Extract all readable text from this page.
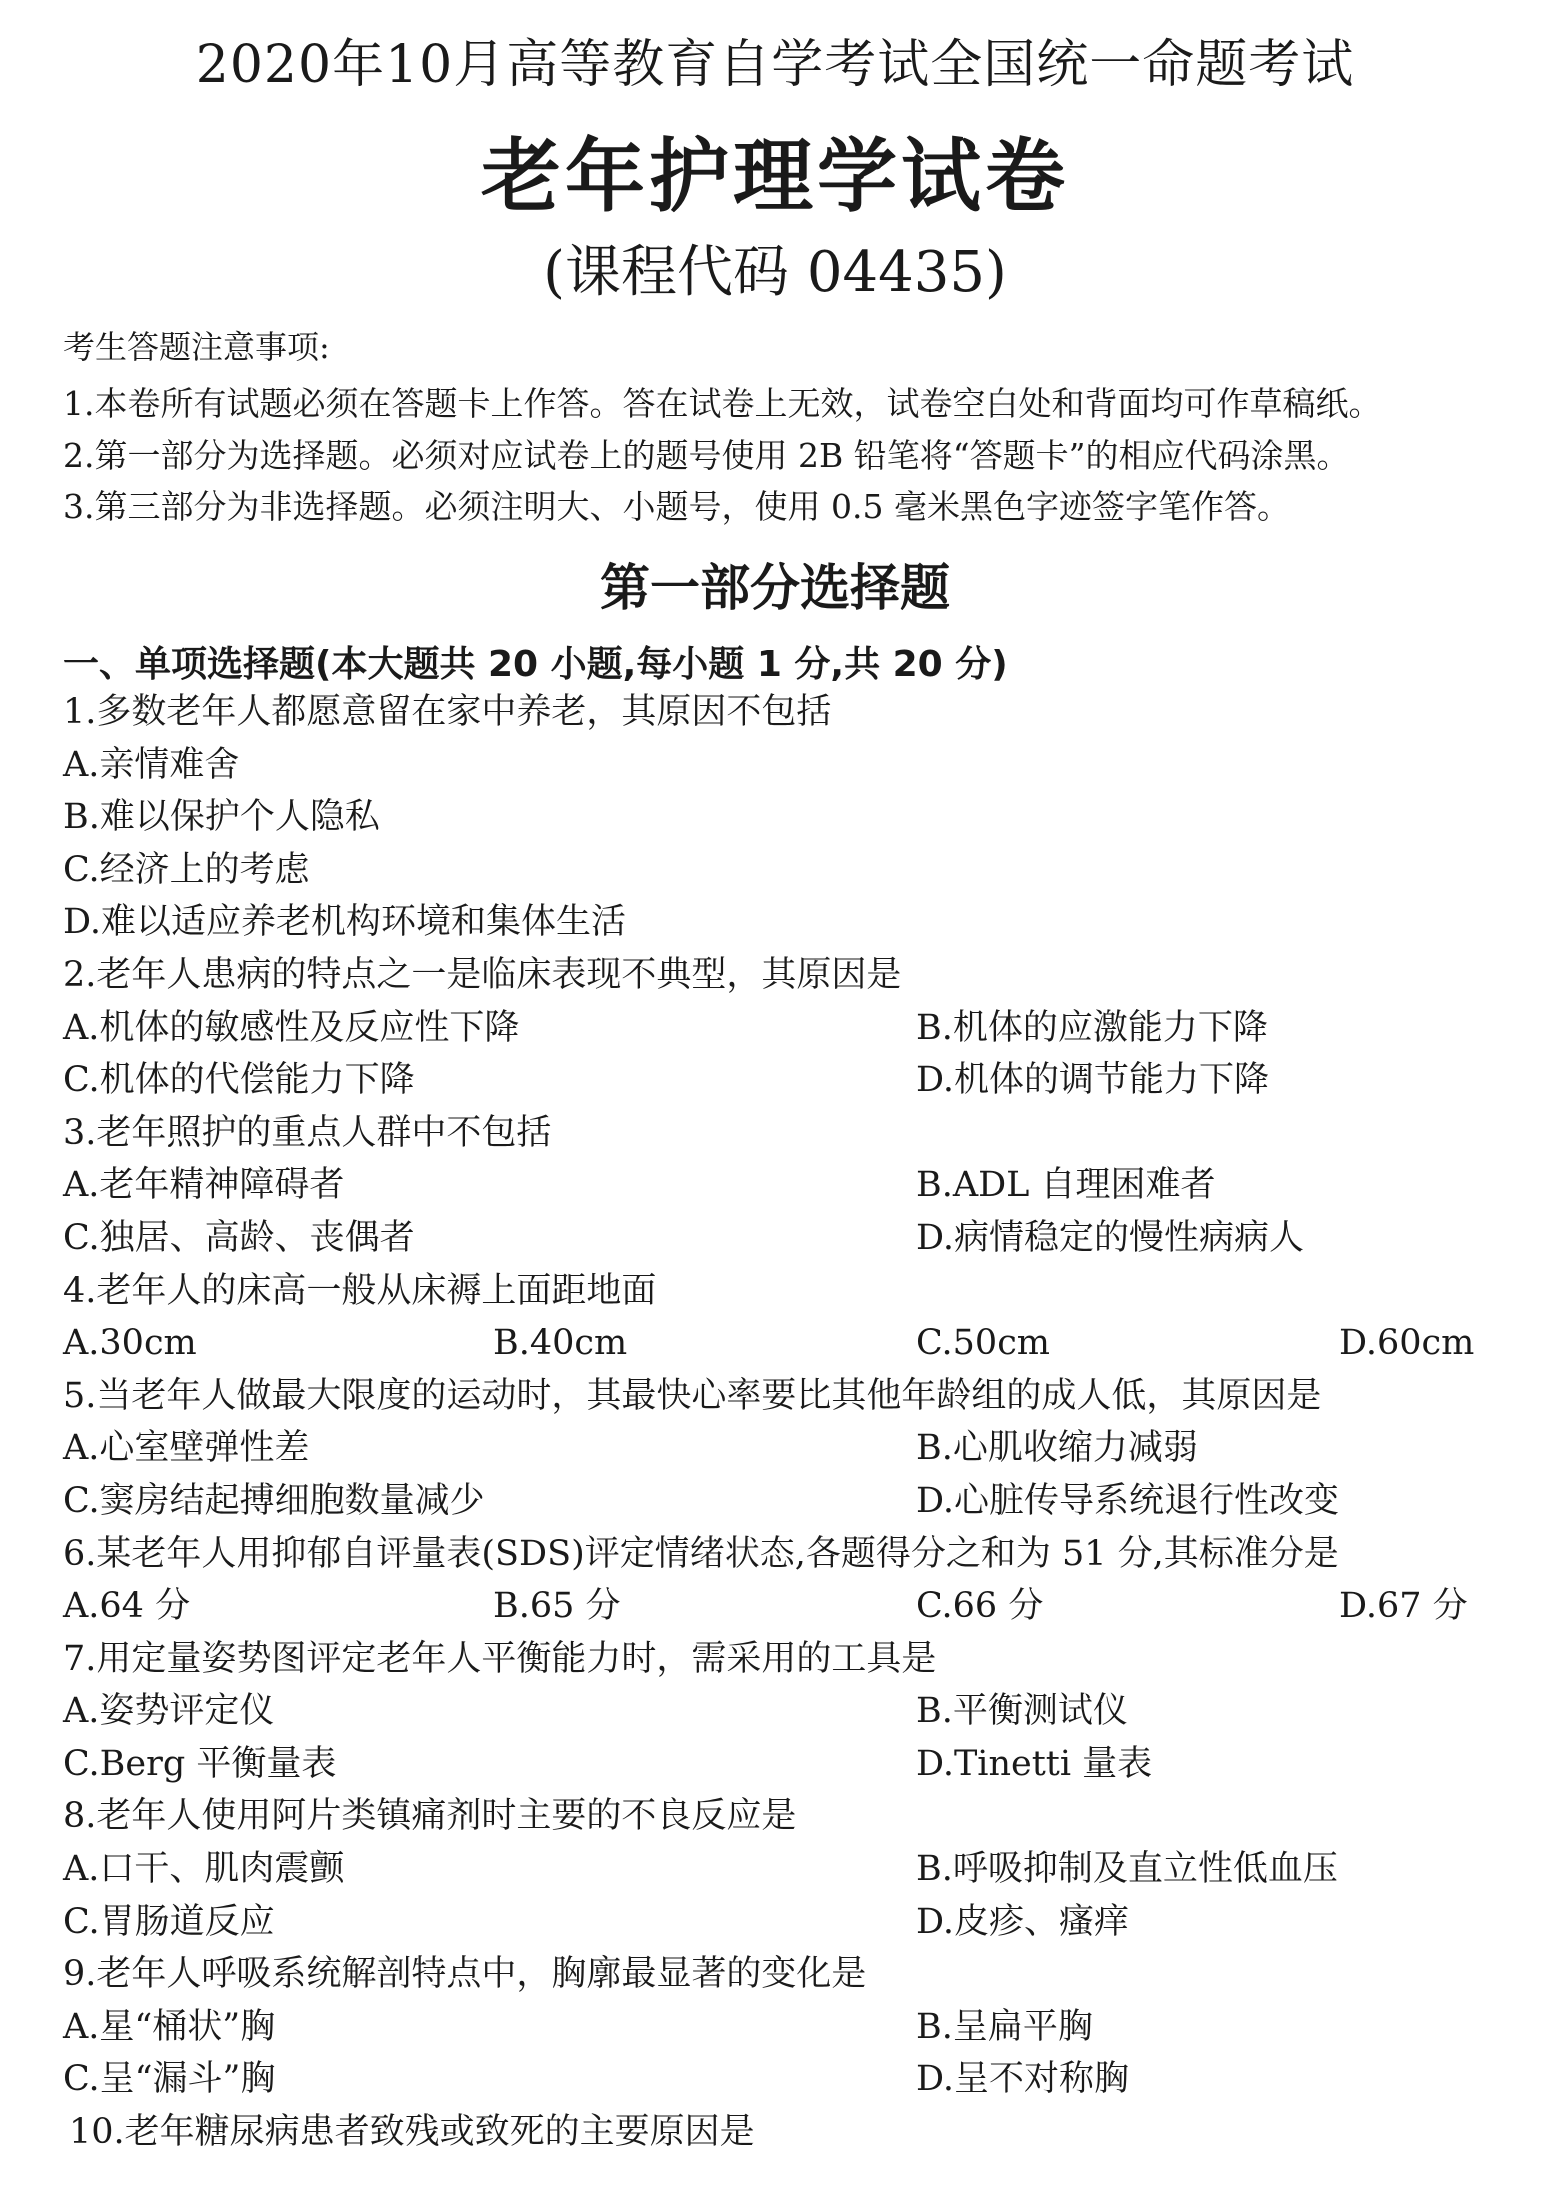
2020年10月高等教育自学考试全国统一命题考试
老年护理学试卷
(课程代码 04435)
考生答题注意事项:
1.本卷所有试题必须在答题卡上作答。答在试卷上无效，试卷空白处和背面均可作草稿纸。
2.第一部分为选择题。必须对应试卷上的题号使用 2B 铅笔将“答题卡”的相应代码涂黑。
3.第三部分为非选择题。必须注明大、小题号，使用 0.5 毫米黑色字迹签字笔作答。
第一部分选择题
一、单项选择题(本大题共 20 小题,每小题 1 分,共 20 分)
1.多数老年人都愿意留在家中养老，其原因不包括
A.亲情难舍
B.难以保护个人隐私
C.经济上的考虑
D.难以适应养老机构环境和集体生活
2.老年人患病的特点之一是临床表现不典型，其原因是
A.机体的敏感性及反应性下降	B.机体的应激能力下降
C.机体的代偿能力下降	D.机体的调节能力下降
3.老年照护的重点人群中不包括
A.老年精神障碍者	B.ADL 自理困难者
C.独居、高龄、丧偶者	D.病情稳定的慢性病病人
4.老年人的床高一般从床褥上面距地面
A.30cm	B.40cm	C.50cm	D.60cm
5.当老年人做最大限度的运动时，其最快心率要比其他年龄组的成人低，其原因是
A.心室壁弹性差	B.心肌收缩力减弱
C.窦房结起搏细胞数量减少	D.心脏传导系统退行性改变
6.某老年人用抑郁自评量表(SDS)评定情绪状态,各题得分之和为 51 分,其标准分是
A.64 分	B.65 分	C.66 分	D.67 分
7.用定量姿势图评定老年人平衡能力时，需采用的工具是
A.姿势评定仪	B.平衡测试仪
C.Berg 平衡量表	D.Tinetti 量表
8.老年人使用阿片类镇痛剂时主要的不良反应是
A.口干、肌肉震颤	B.呼吸抑制及直立性低血压
C.胃肠道反应	D.皮疹、瘙痒
9.老年人呼吸系统解剖特点中，胸廓最显著的变化是
A.星“桶状”胸	B.呈扁平胸
C.呈“漏斗”胸	D.呈不对称胸
10.老年糖尿病患者致残或致死的主要原因是
